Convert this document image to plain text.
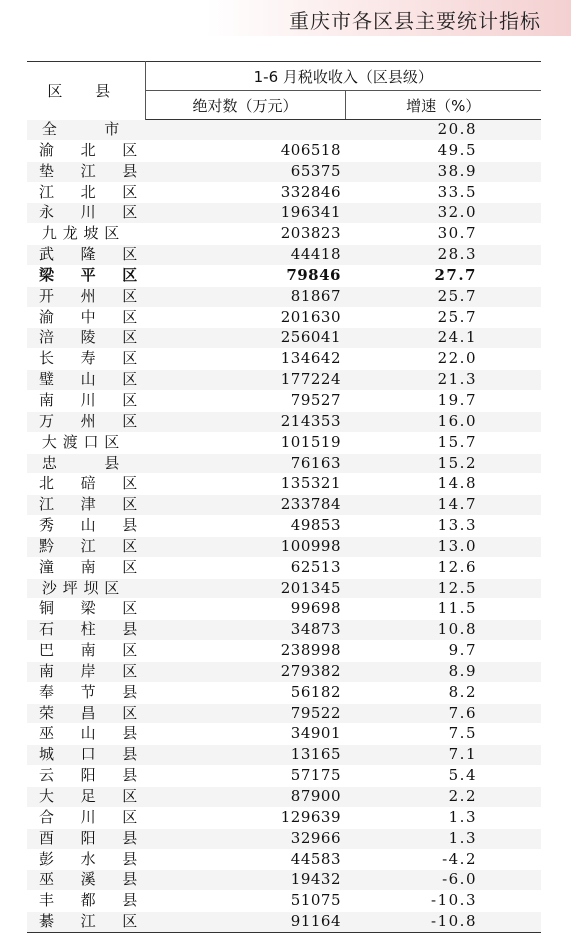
重庆市各区县主要统计指标
区 县	1-6 月税收收入（区县级）	
	绝对数（万元）	增速（%）
全 市		20.8
渝 北 区	406518	49.5
垫 江 县	65375	38.9
江 北 区	332846	33.5
永 川 区	196341	32.0
九 龙 坡 区	203823	30.7
武 隆 区	44418	28.3
梁 平 区	79846	27.7
开 州 区	81867	25.7
渝 中 区	201630	25.7
涪 陵 区	256041	24.1
长 寿 区	134642	22.0
璧 山 区	177224	21.3
南 川 区	79527	19.7
万 州 区	214353	16.0
大 渡 口 区	101519	15.7
忠 县	76163	15.2
北 碚 区	135321	14.8
江 津 区	233784	14.7
秀 山 县	49853	13.3
黔 江 区	100998	13.0
潼 南 区	62513	12.6
沙 坪 坝 区	201345	12.5
铜 梁 区	99698	11.5
石 柱 县	34873	10.8
巴 南 区	238998	9.7
南 岸 区	279382	8.9
奉 节 县	56182	8.2
荣 昌 区	79522	7.6
巫 山 县	34901	7.5
城 口 县	13165	7.1
云 阳 县	57175	5.4
大 足 区	87900	2.2
合 川 区	129639	1.3
酉 阳 县	32966	1.3
彭 水 县	44583	-4.2
巫 溪 县	19432	-6.0
丰 都 县	51075	-10.3
綦 江 区	91164	-10.8
